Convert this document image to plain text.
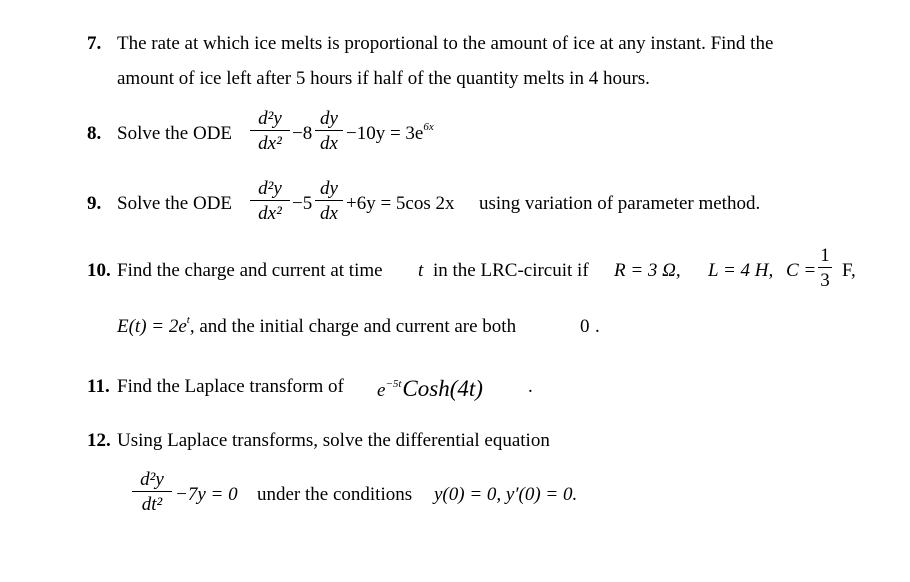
7. The rate at which ice melts is proportional to the amount of ice at any instant. Find the
amount of ice left after 5 hours if half of the quantity melts in 4 hours.
8. Solve the ODE
d²y
dx² −8
dy
dx $-10y = 3e^{6x}$
9. Solve the ODE
d²y
dx² −5
dy
dx +6y = 5cos 2x using variation of parameter method.
10. Find the charge and current at time t in the LRC-circuit if R = 3 Ω, L = 4 H, C =
1
3 F,
$E(t) = 2e^t$, and the initial charge and current are both	0 .
11. Find the Laplace transform of $e^{-5t}Cosh(4t)$ .
12. Using Laplace transforms, solve the differential equation
d²y
dt² −7y = 0 under the conditions y(0) = 0, y′(0) = 0.
